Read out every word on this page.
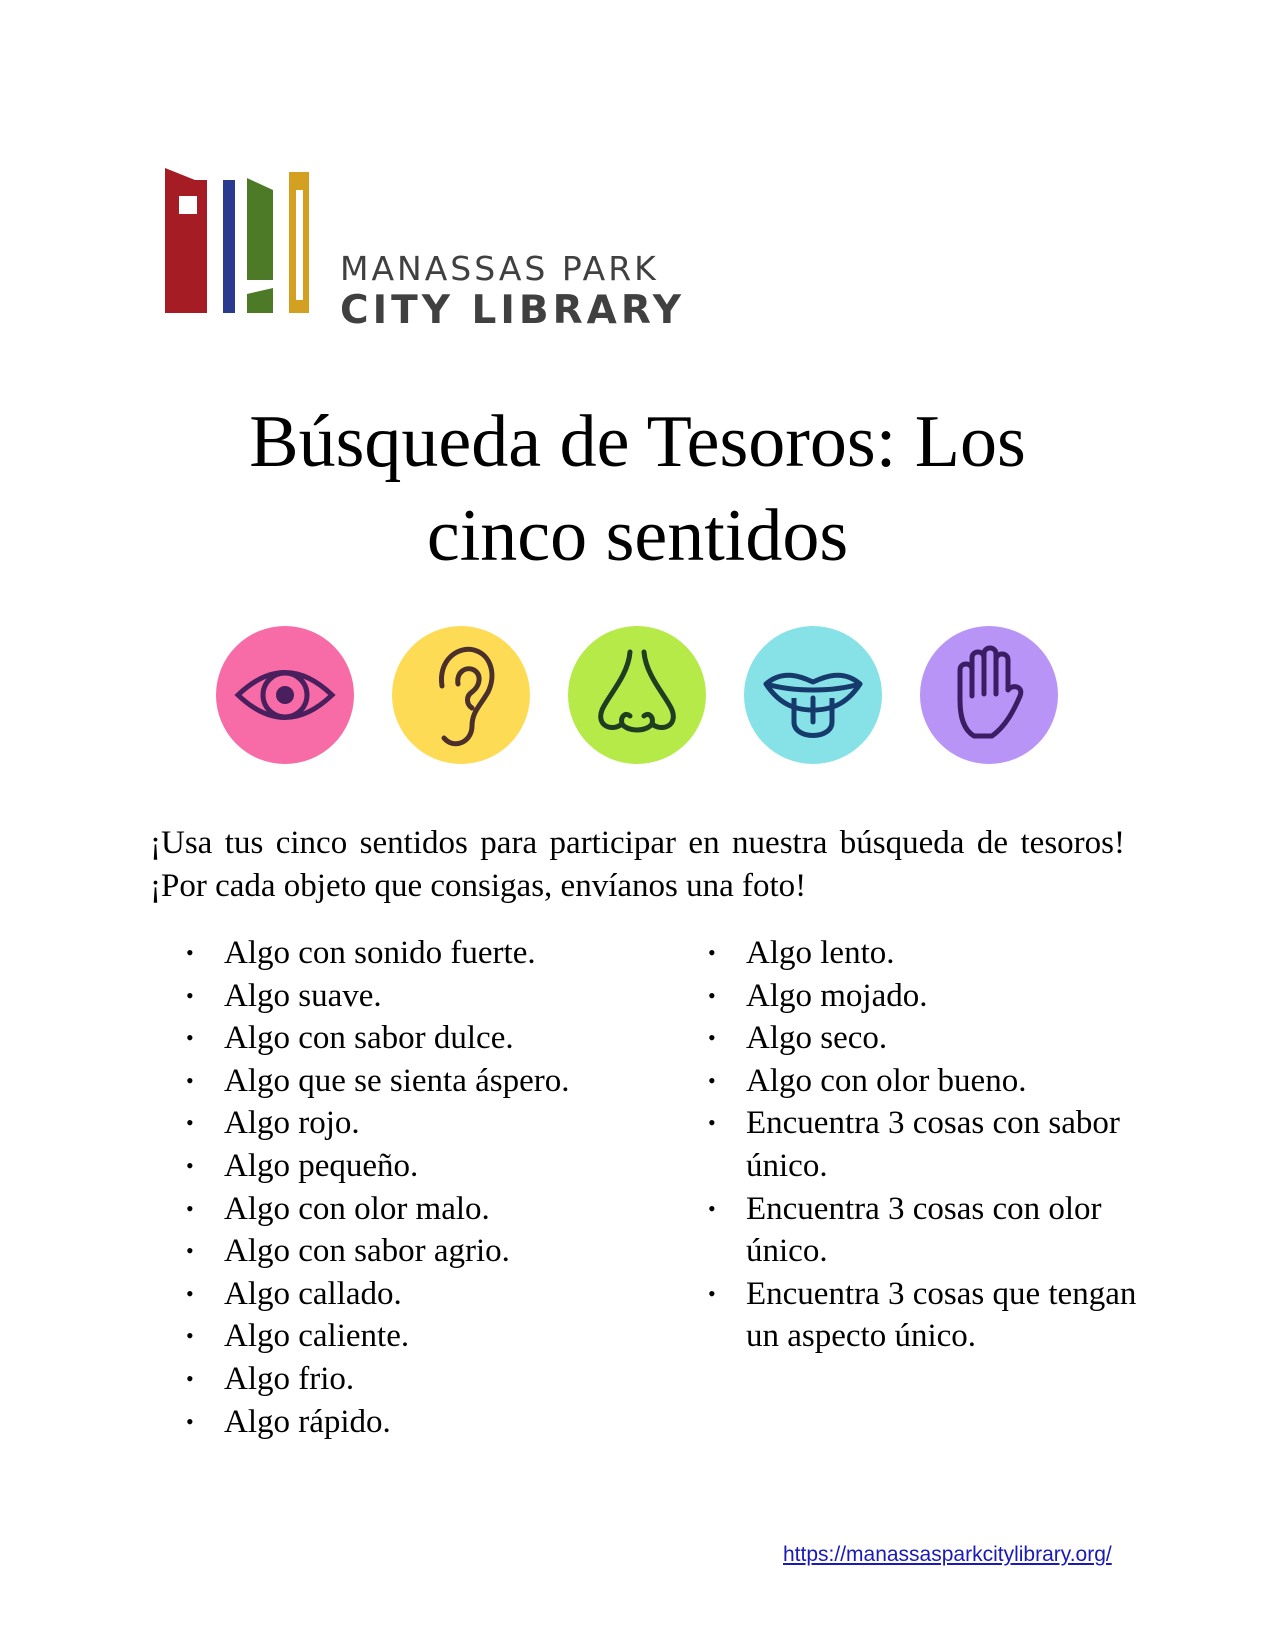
MANASSAS PARK
CITY LIBRARY
Búsqueda de Tesoros: Los
cinco sentidos

¡Usa tus cinco sentidos para participar en nuestra búsqueda de tesoros! ¡Por cada objeto que consigas, envíanos una foto!

• Algo con sonido fuerte.
• Algo suave.
• Algo con sabor dulce.
• Algo que se sienta áspero.
• Algo rojo.
• Algo pequeño.
• Algo con olor malo.
• Algo con sabor agrio.
• Algo callado.
• Algo caliente.
• Algo frio.
• Algo rápido.
• Algo lento.
• Algo mojado.
• Algo seco.
• Algo con olor bueno.
• Encuentra 3 cosas con sabor único.
• Encuentra 3 cosas con olor único.
• Encuentra 3 cosas que tengan un aspecto único.
https://manassasparkcitylibrary.org/
